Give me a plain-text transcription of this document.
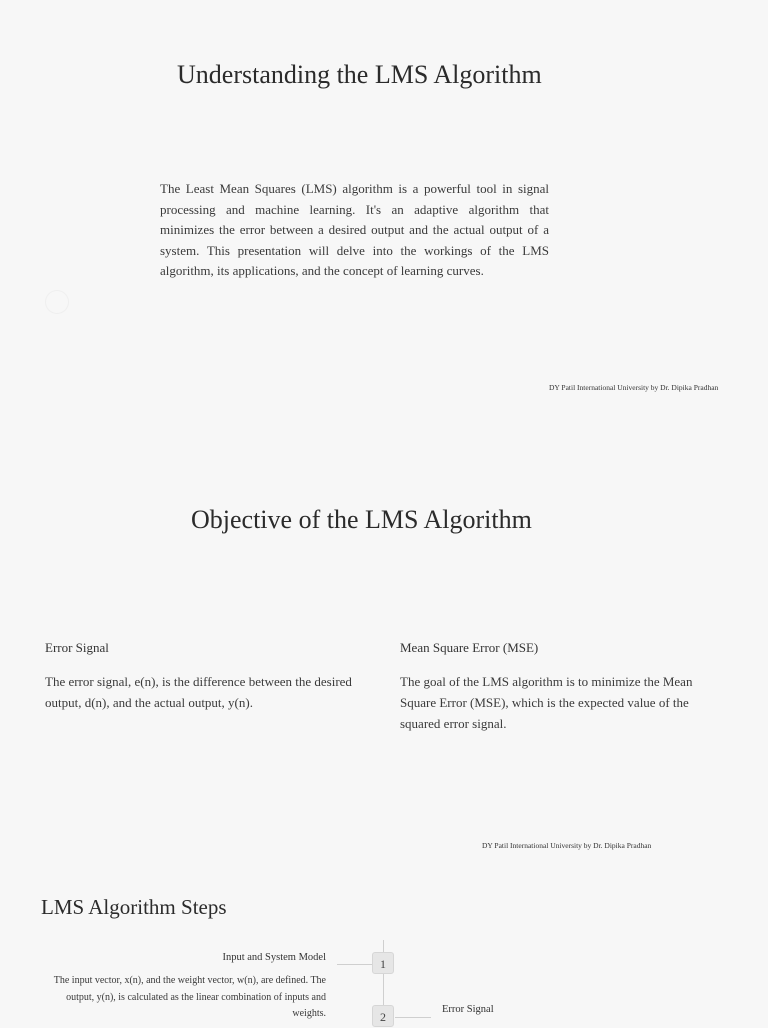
Understanding the LMS Algorithm
The Least Mean Squares (LMS) algorithm is a powerful tool in signal processing and machine learning. It's an adaptive algorithm that minimizes the error between a desired output and the actual output of a system. This presentation will delve into the workings of the LMS algorithm, its applications, and the concept of learning curves.
DY Patil International University by Dr. Dipika Pradhan
Objective of the LMS Algorithm
Error Signal
The error signal, e(n), is the difference between the desired output, d(n), and the actual output, y(n).
Mean Square Error (MSE)
The goal of the LMS algorithm is to minimize the Mean Square Error (MSE), which is the expected value of the squared error signal.
DY Patil International University by Dr. Dipika Pradhan
LMS Algorithm Steps
Input and System Model
The input vector, x(n), and the weight vector, w(n), are defined. The output, y(n), is calculated as the linear combination of inputs and weights.
1
2
Error Signal
